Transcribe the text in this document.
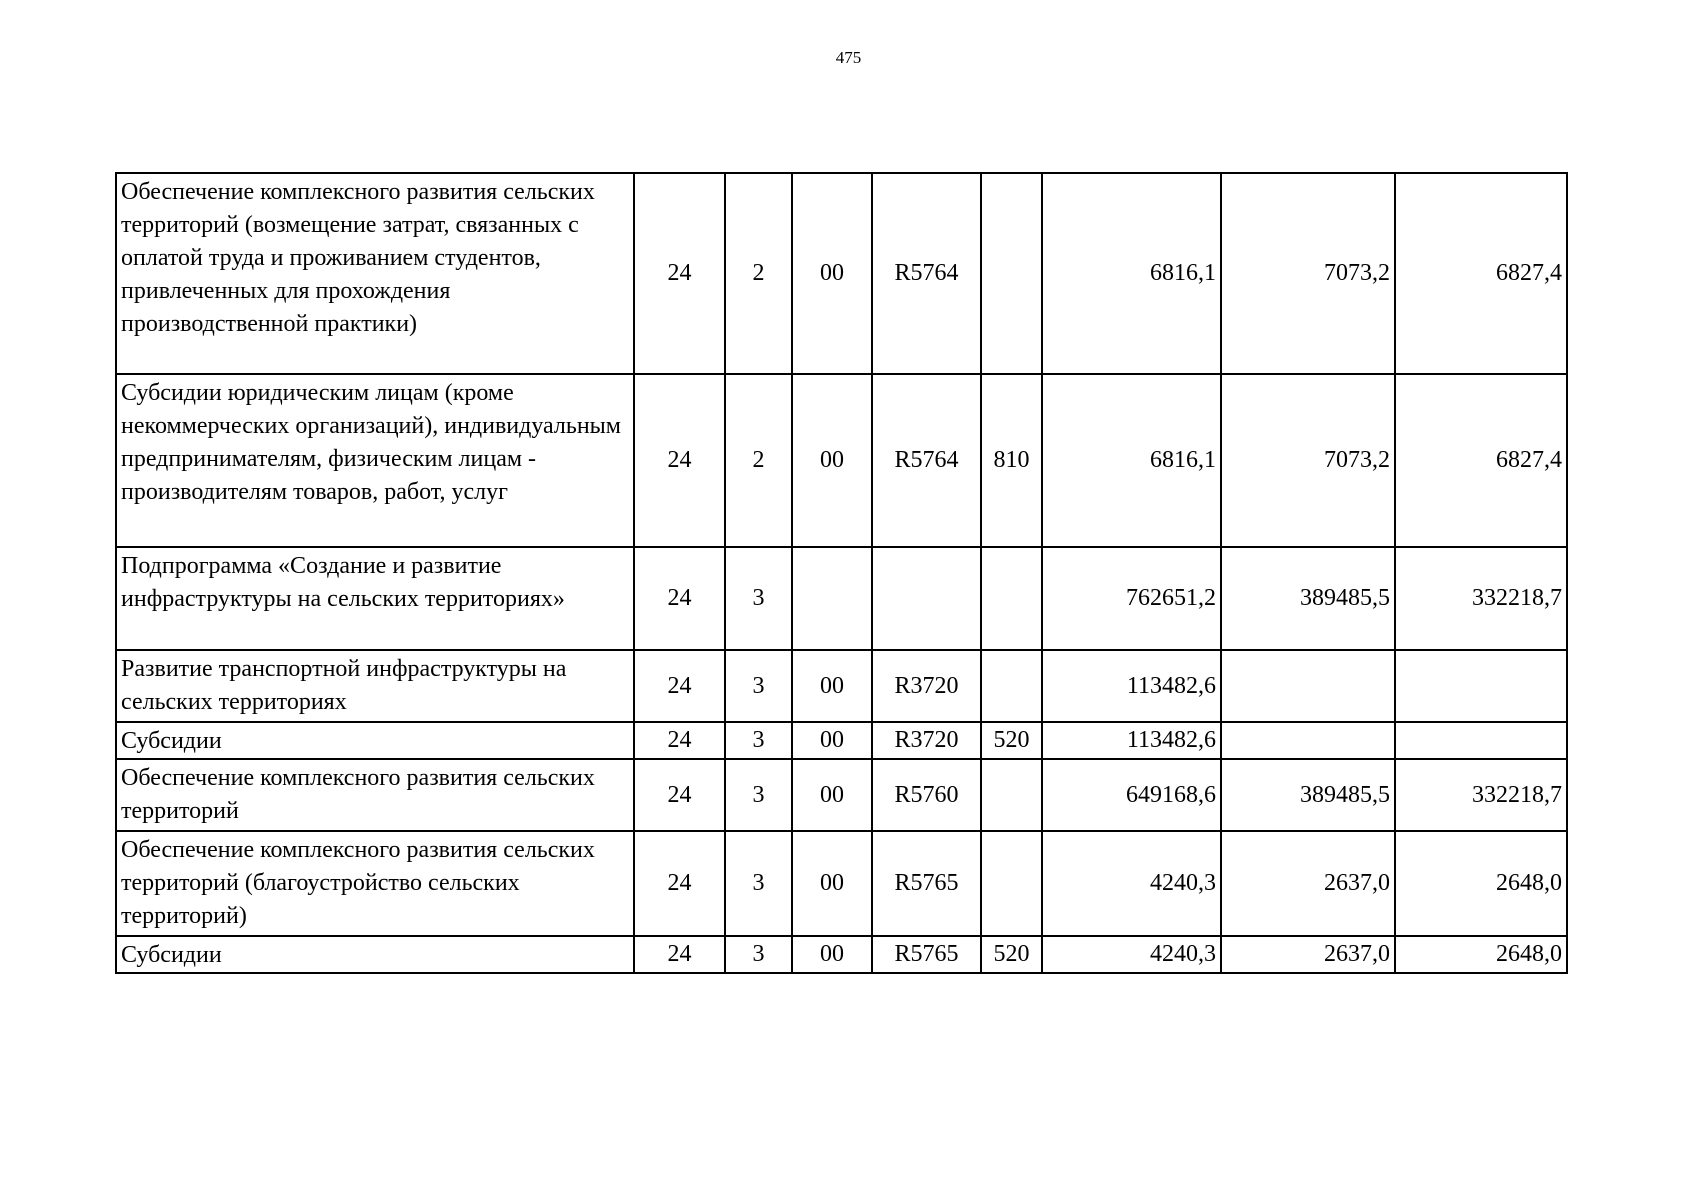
475
Обеспечение комплексного развития сельских территорий (возмещение затрат, связанных с оплатой труда и проживанием студентов, привлеченных для прохождения производственной практики)	24	2	00	R5764		6816,1	7073,2	6827,4
Субсидии юридическим лицам (кроме некоммерческих организаций), индивидуальным предпринимателям, физическим лицам - производителям товаров, работ, услуг	24	2	00	R5764	810	6816,1	7073,2	6827,4
Подпрограмма «Создание и развитие инфраструктуры на сельских территориях»	24	3				762651,2	389485,5	332218,7
Развитие транспортной инфраструктуры на сельских территориях	24	3	00	R3720		113482,6		
Субсидии	24	3	00	R3720	520	113482,6		
Обеспечение комплексного развития сельских территорий	24	3	00	R5760		649168,6	389485,5	332218,7
Обеспечение комплексного развития сельских территорий (благоустройство сельских территорий)	24	3	00	R5765		4240,3	2637,0	2648,0
Субсидии	24	3	00	R5765	520	4240,3	2637,0	2648,0
